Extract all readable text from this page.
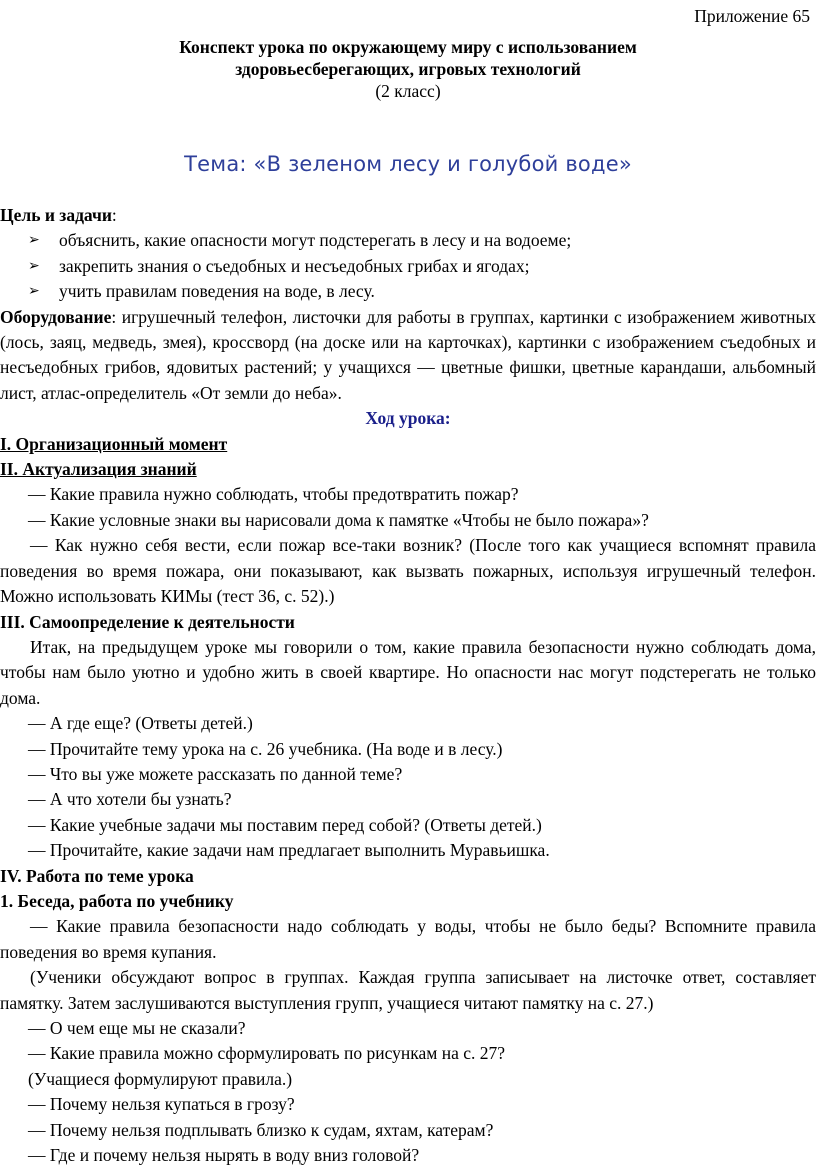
Приложение 65
Конспект урока по окружающему миру с использованием
здоровьесберегающих, игровых технологий
(2 класс)
Тема: «В зеленом лесу и голубой воде»

Цель и задачи:

➢ объяснить, какие опасности могут подстерегать в лесу и на водоеме;
➢ закрепить знания о съедобных и несъедобных грибах и ягодах;
➢ учить правилам поведения на воде, в лесу.

Оборудование: игрушечный телефон, листочки для работы в группах, картинки с изображением животных (лось, заяц, медведь, змея), кроссворд (на доске или на карточках), картинки с изображением съедобных и несъедобных грибов, ядовитых растений; у учащихся — цветные фишки, цветные карандаши, альбомный лист, атлас-определитель «От земли до неба».

Ход урока:

I. Организационный момент

II. Актуализация знаний

— Какие правила нужно соблюдать, чтобы предотвратить пожар?

— Какие условные знаки вы нарисовали дома к памятке «Чтобы не было пожара»?

— Как нужно себя вести, если пожар все-таки возник? (После того как учащиеся вспомнят правила поведения во время пожара, они показывают, как вызвать пожарных, используя игрушечный телефон. Можно использовать КИМы (тест 36, с. 52).)

III. Самоопределение к деятельности

Итак, на предыдущем уроке мы говорили о том, какие правила безопасности нужно соблюдать дома, чтобы нам было уютно и удобно жить в своей квартире. Но опасности нас могут подстерегать не только дома.

— А где еще? (Ответы детей.)

— Прочитайте тему урока на с. 26 учебника. (На воде и в лесу.)

— Что вы уже можете рассказать по данной теме?

— А что хотели бы узнать?

— Какие учебные задачи мы поставим перед собой? (Ответы детей.)

— Прочитайте, какие задачи нам предлагает выполнить Муравьишка.

IV. Работа по теме урока

1. Беседа, работа по учебнику

— Какие правила безопасности надо соблюдать у воды, чтобы не было беды? Вспомните правила поведения во время купания.

(Ученики обсуждают вопрос в группах. Каждая группа записывает на листочке ответ, составляет памятку. Затем заслушиваются выступления групп, учащиеся читают памятку на с. 27.)

— О чем еще мы не сказали?

— Какие правила можно сформулировать по рисункам на с. 27?

(Учащиеся формулируют правила.)

— Почему нельзя купаться в грозу?

— Почему нельзя подплывать близко к судам, яхтам, катерам?

— Где и почему нельзя нырять в воду вниз головой?
